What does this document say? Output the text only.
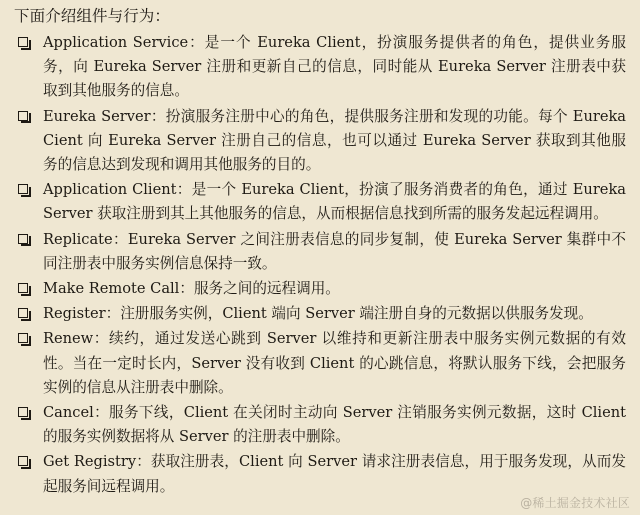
下面介绍组件与行为：
Application Service：是一个 Eureka Client，扮演服务提供者的角色，提供业务服务，向 Eureka Server 注册和更新自己的信息，同时能从 Eureka Server 注册表中获取到其他服务的信息。
Eureka Server：扮演服务注册中心的角色，提供服务注册和发现的功能。每个 Eureka Cient 向 Eureka Server 注册自己的信息，也可以通过 Eureka Server 获取到其他服务的信息达到发现和调用其他服务的目的。
Application Client：是一个 Eureka Client，扮演了服务消费者的角色，通过 Eureka Server 获取注册到其上其他服务的信息，从而根据信息找到所需的服务发起远程调用。
Replicate：Eureka Server 之间注册表信息的同步复制，使 Eureka Server 集群中不同注册表中服务实例信息保持一致。
Make Remote Call：服务之间的远程调用。
Register：注册服务实例，Client 端向 Server 端注册自身的元数据以供服务发现。
Renew：续约，通过发送心跳到 Server 以维持和更新注册表中服务实例元数据的有效性。当在一定时长内，Server 没有收到 Client 的心跳信息，将默认服务下线，会把服务实例的信息从注册表中删除。
Cancel：服务下线，Client 在关闭时主动向 Server 注销服务实例元数据，这时 Client 的服务实例数据将从 Server 的注册表中删除。
Get Registry：获取注册表，Client 向 Server 请求注册表信息，用于服务发现，从而发起服务间远程调用。
@稀土掘金技术社区
